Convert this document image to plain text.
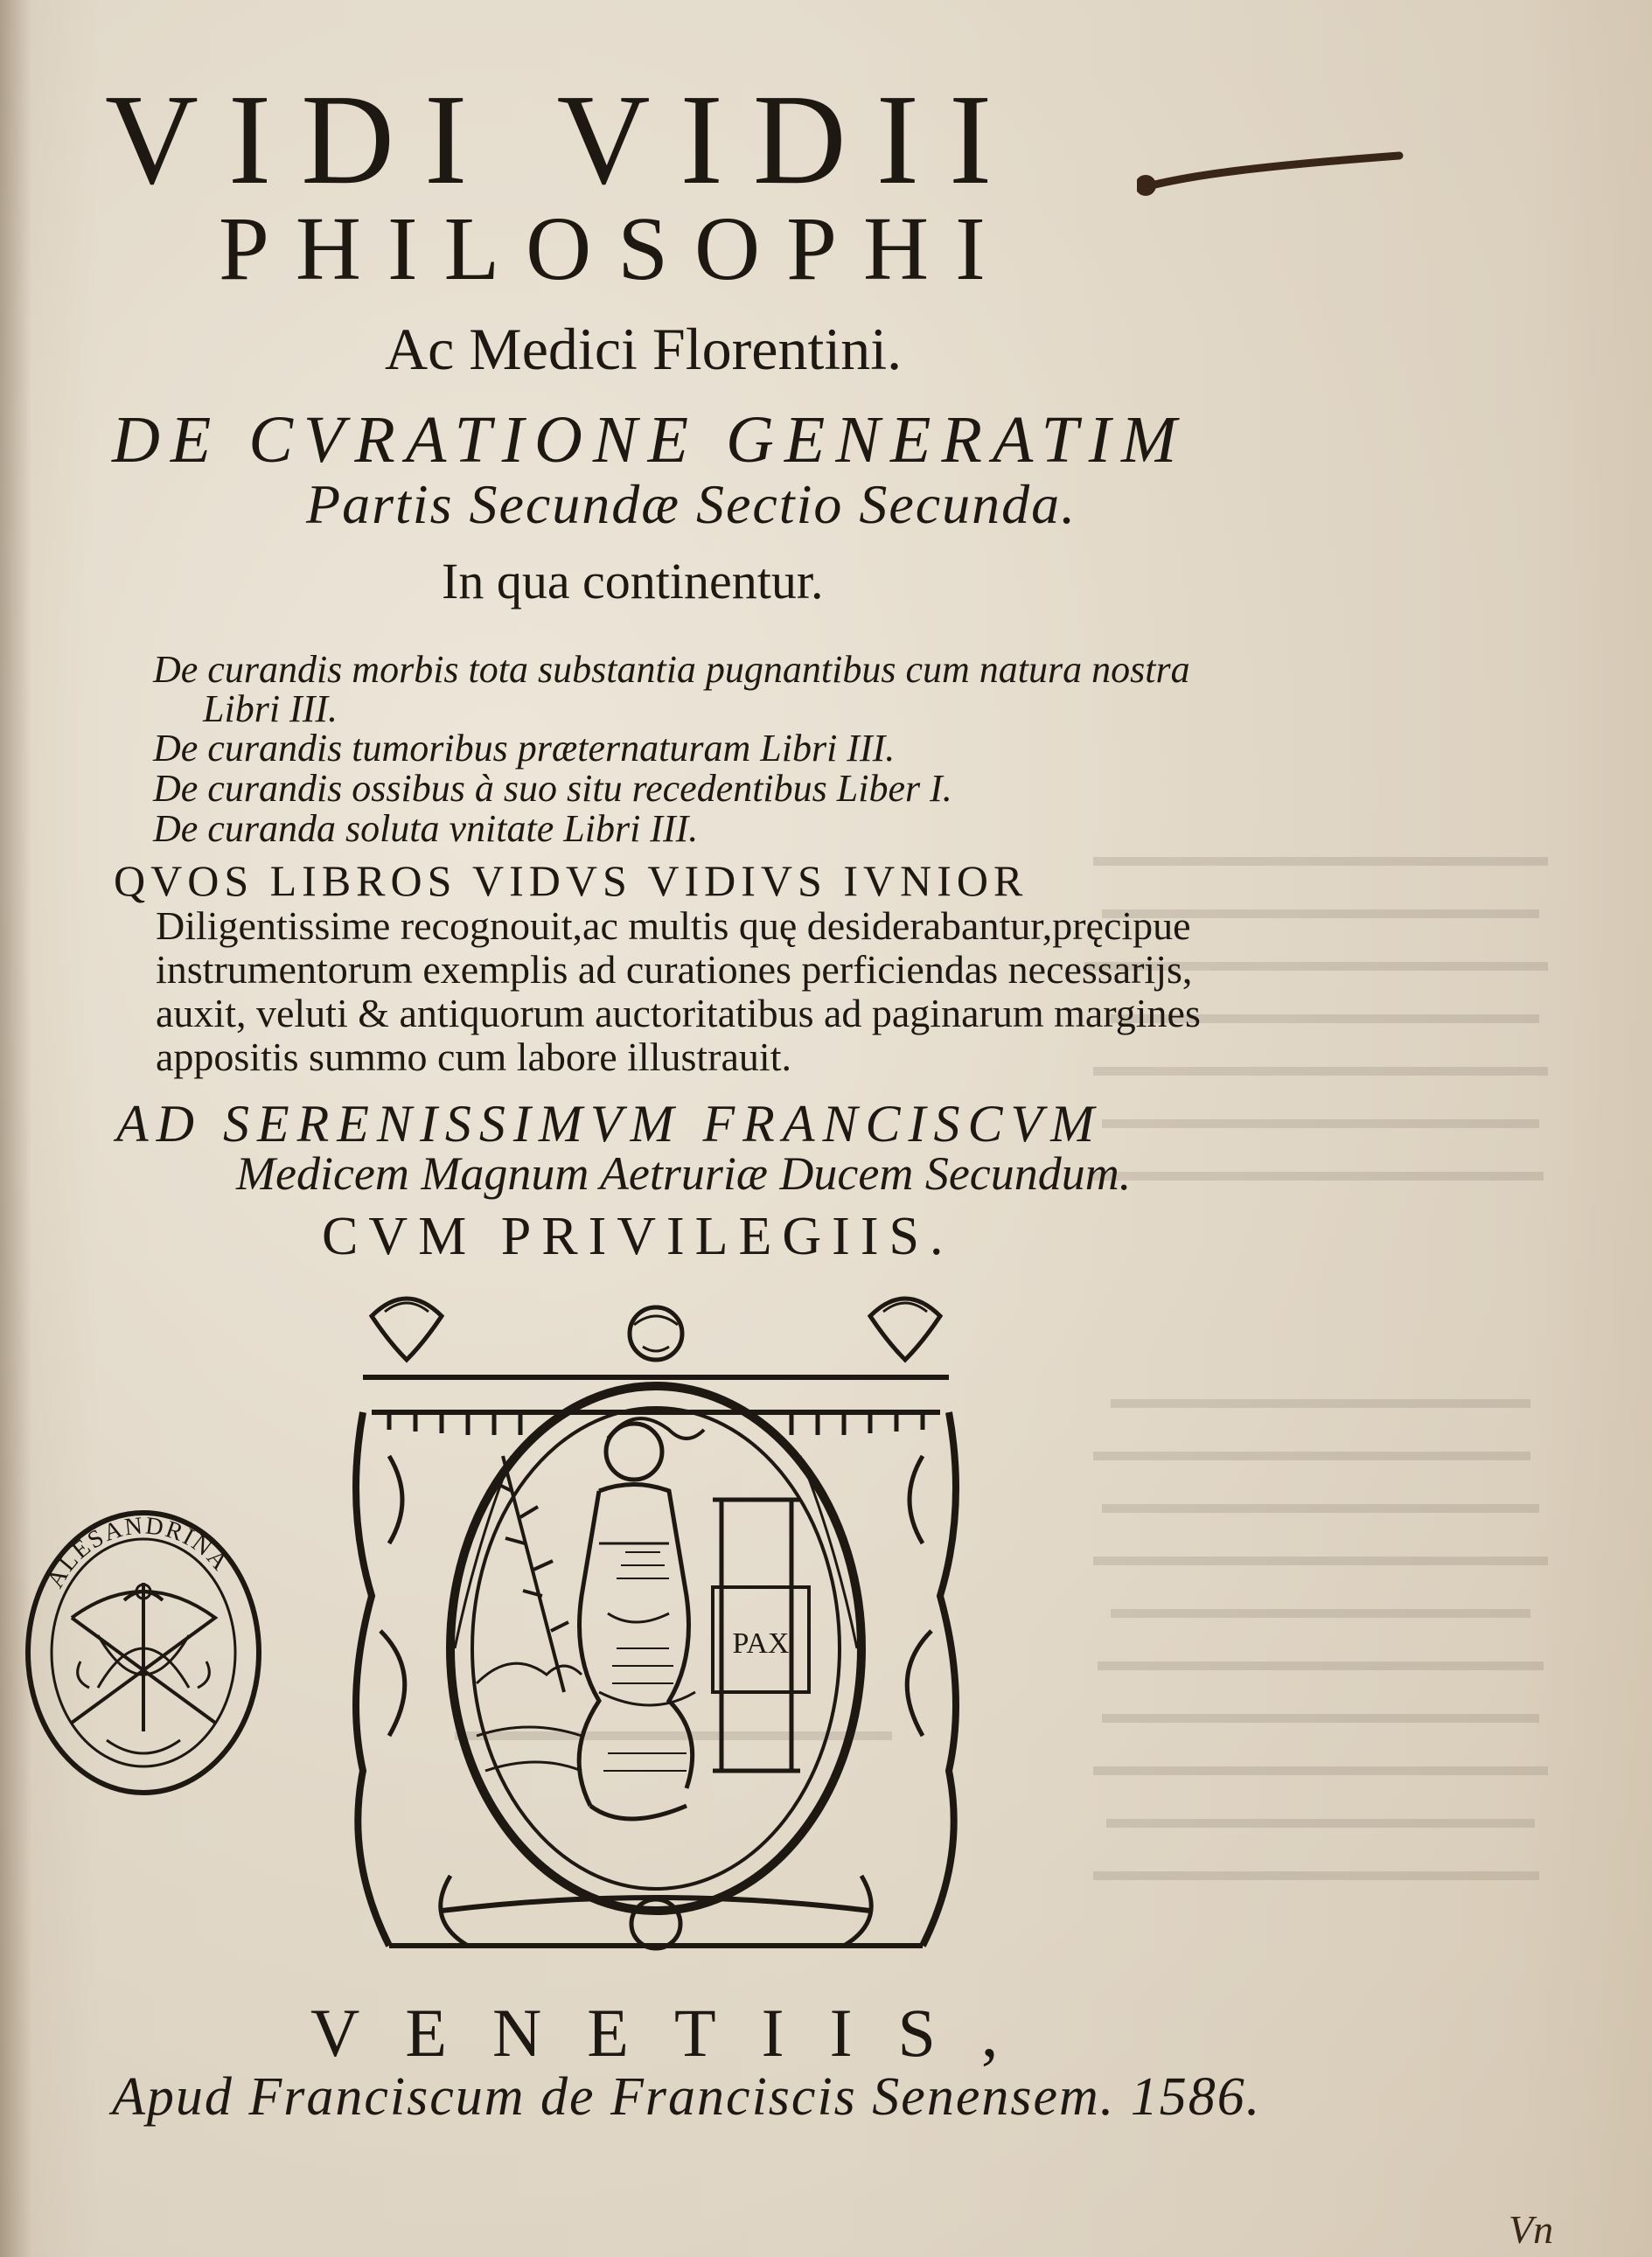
VIDI VIDII

PHILOSOPHI

Ac Medici Florentini.

DE CVRATIONE GENERATIM

Partis Secundæ Sectio Secunda.

In qua continentur.

De curandis morbis tota substantia pugnantibus cum natura nostra

Libri III.

De curandis tumoribus præternaturam Libri III.

De curandis ossibus à suo situ recedentibus Liber I.

De curanda soluta vnitate Libri III.

QVOS LIBROS VIDVS VIDIVS IVNIOR

Diligentissime recognouit,ac multis quę desiderabantur,pręcipue

instrumentorum exemplis ad curationes perficiendas necessarijs,

auxit, veluti & antiquorum auctoritatibus ad paginarum margines

appositis summo cum labore illustrauit.

AD SERENISSIMVM FRANCISCVM

Medicem Magnum Aetruriæ Ducem Secundum.

CVM PRIVILEGIIS.

PAX
ALESANDRINA

VENETIIS,

Apud Franciscum de Franciscis Senensem. 1586.

Vn
